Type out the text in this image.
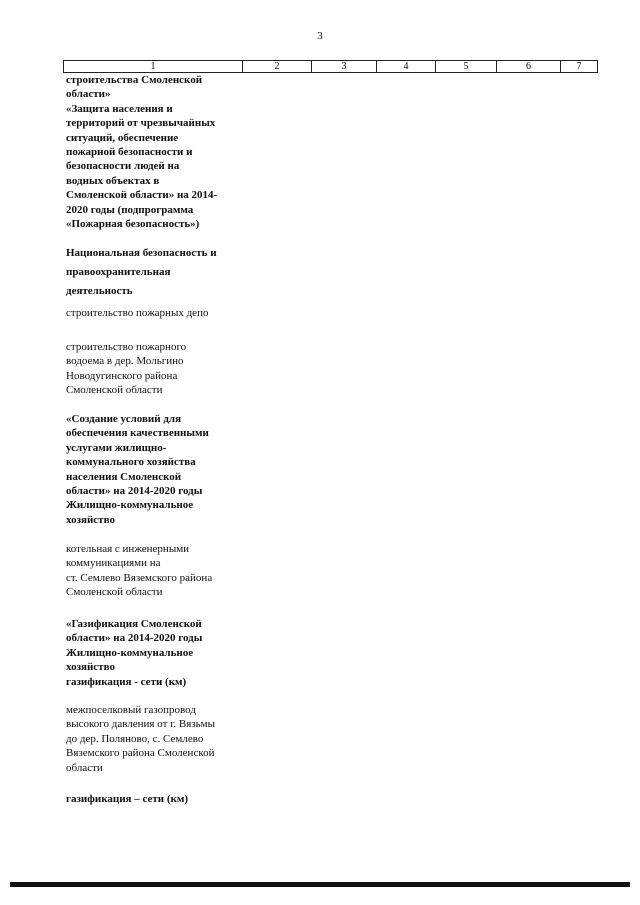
3
1	2	3	4	5	6	7
строительства Смоленской
области»
«Защита населения и
территорий от чрезвычайных
ситуаций, обеспечение
пожарной безопасности и
безопасности людей на
водных объектах в
Смоленской области» на 2014-
2020 годы (подпрограмма
«Пожарная безопасность»)
Национальная безопасность и
правоохранительная
деятельность
строительство пожарных депо
строительство пожарного
водоема в дер. Мольгино
Новодугинского района
Смоленской области
«Создание условий для
обеспечения качественными
услугами жилищно-
коммунального хозяйства
населения Смоленской
области» на 2014-2020 годы
Жилищно-коммунальное
хозяйство
котельная с инженерными
коммуникациями на
ст. Семлево Вяземского района
Смоленской области
«Газификация Смоленской
области» на 2014-2020 годы
Жилищно-коммунальное
хозяйство
газификация - сети (км)
межпоселковый газопровод
высокого давления от г. Вязьмы
до дер. Поляново, с. Семлево
Вяземского района Смоленской
области
газификация – сети (км)
